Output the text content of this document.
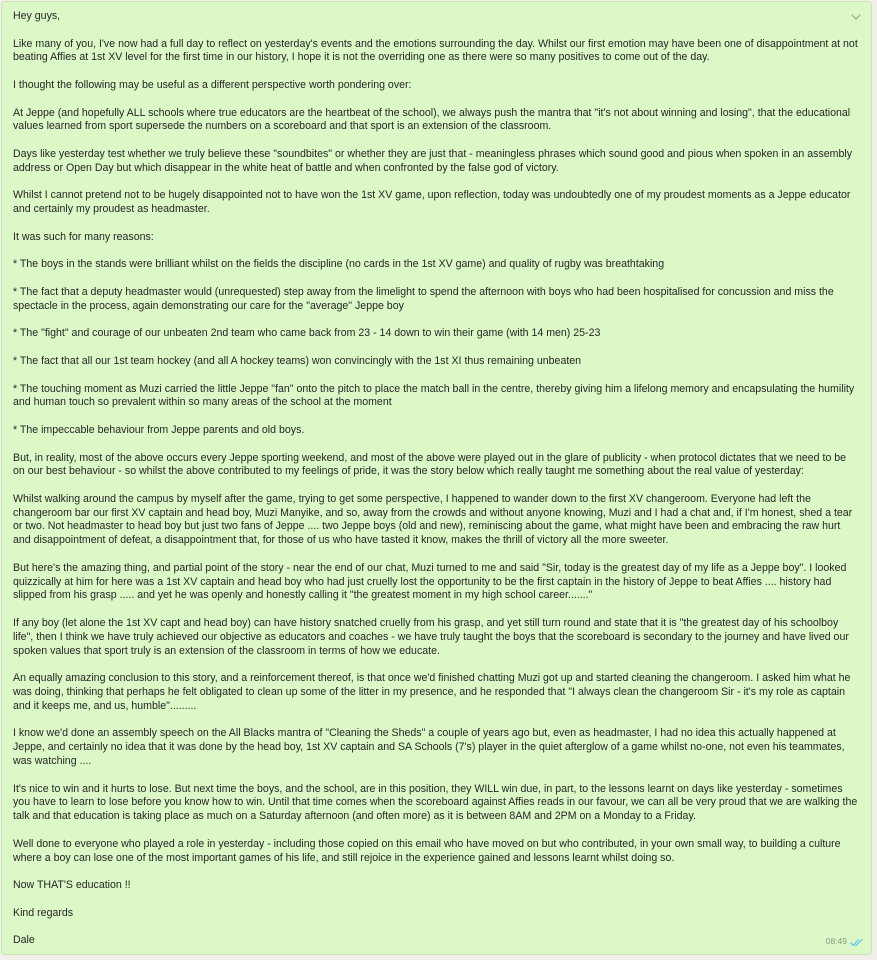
Hey guys,

Like many of you, I've now had a full day to reflect on yesterday's events and the emotions surrounding the day. Whilst our first emotion may have been one of disappointment at not beating Affies at 1st XV level for the first time in our history, I hope it is not the overriding one as there were so many positives to come out of the day.

I thought the following may be useful as a different perspective worth pondering over:

At Jeppe (and hopefully ALL schools where true educators are the heartbeat of the school), we always push the mantra that "it's not about winning and losing", that the educational values learned from sport supersede the numbers on a scoreboard and that sport is an extension of the classroom.

Days like yesterday test whether we truly believe these "soundbites" or whether they are just that - meaningless phrases which sound good and pious when spoken in an assembly address or Open Day but which disappear in the white heat of battle and when confronted by the false god of victory.

Whilst I cannot pretend not to be hugely disappointed not to have won the 1st XV game, upon reflection, today was undoubtedly one of my proudest moments as a Jeppe educator and certainly my proudest as headmaster.

It was such for many reasons:

* The boys in the stands were brilliant whilst on the fields the discipline (no cards in the 1st XV game) and quality of rugby was breathtaking

* The fact that a deputy headmaster would (unrequested) step away from the limelight to spend the afternoon with boys who had been hospitalised for concussion and miss the spectacle in the process, again demonstrating our care for the "average" Jeppe boy

* The "fight" and courage of our unbeaten 2nd team who came back from 23 - 14 down to win their game (with 14 men) 25-23

* The fact that all our 1st team hockey (and all A hockey teams) won convincingly with the 1st XI thus remaining unbeaten

* The touching moment as Muzi carried the little Jeppe "fan" onto the pitch to place the match ball in the centre, thereby giving him a lifelong memory and encapsulating the humility and human touch so prevalent within so many areas of the school at the moment

* The impeccable behaviour from Jeppe parents and old boys.

But, in reality, most of the above occurs every Jeppe sporting weekend, and most of the above were played out in the glare of publicity - when protocol dictates that we need to be on our best behaviour - so whilst the above contributed to my feelings of pride, it was the story below which really taught me something about the real value of yesterday:

Whilst walking around the campus by myself after the game, trying to get some perspective, I happened to wander down to the first XV changeroom. Everyone had left the changeroom bar our first XV captain and head boy, Muzi Manyike, and so, away from the crowds and without anyone knowing, Muzi and I had a chat and, if I'm honest, shed a tear or two. Not headmaster to head boy but just two fans of Jeppe .... two Jeppe boys (old and new), reminiscing about the game, what might have been and embracing the raw hurt and disappointment of defeat, a disappointment that, for those of us who have tasted it know, makes the thrill of victory all the more sweeter.

But here's the amazing thing, and partial point of the story - near the end of our chat, Muzi turned to me and said "Sir, today is the greatest day of my life as a Jeppe boy". I looked quizzically at him for here was a 1st XV captain and head boy who had just cruelly lost the opportunity to be the first captain in the history of Jeppe to beat Affies .... history had slipped from his grasp ..... and yet he was openly and honestly calling it "the greatest moment in my high school career......."

If any boy (let alone the 1st XV capt and head boy) can have history snatched cruelly from his grasp, and yet still turn round and state that it is "the greatest day of his schoolboy life", then I think we have truly achieved our objective as educators and coaches - we have truly taught the boys that the scoreboard is secondary to the journey and have lived our spoken values that sport truly is an extension of the classroom in terms of how we educate.

An equally amazing conclusion to this story, and a reinforcement thereof, is that once we'd finished chatting Muzi got up and started cleaning the changeroom. I asked him what he was doing, thinking that perhaps he felt obligated to clean up some of the litter in my presence, and he responded that "I always clean the changeroom Sir - it's my role as captain and it keeps me, and us, humble".........

I know we'd done an assembly speech on the All Blacks mantra of "Cleaning the Sheds" a couple of years ago but, even as headmaster, I had no idea this actually happened at Jeppe, and certainly no idea that it was done by the head boy, 1st XV captain and SA Schools (7's) player in the quiet afterglow of a game whilst no-one, not even his teammates, was watching ....

It's nice to win and it hurts to lose. But next time the boys, and the school, are in this position, they WILL win due, in part, to the lessons learnt on days like yesterday - sometimes you have to learn to lose before you know how to win. Until that time comes when the scoreboard against Affies reads in our favour, we can all be very proud that we are walking the talk and that education is taking place as much on a Saturday afternoon (and often more) as it is between 8AM and 2PM on a Monday to a Friday.

Well done to everyone who played a role in yesterday - including those copied on this email who have moved on but who contributed, in your own small way, to building a culture where a boy can lose one of the most important games of his life, and still rejoice in the experience gained and lessons learnt whilst doing so.

Now THAT'S education !!

Kind regards

Dale	08:49
